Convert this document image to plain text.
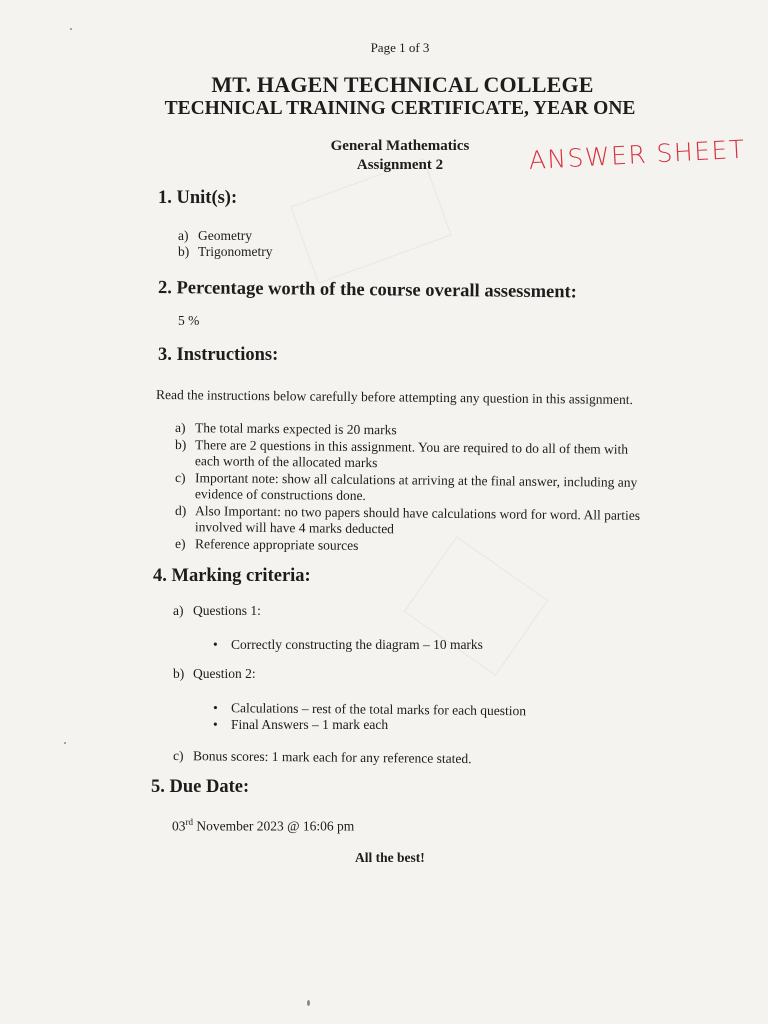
Page 1 of 3
MT. HAGEN TECHNICAL COLLEGE
TECHNICAL TRAINING CERTIFICATE, YEAR ONE
General Mathematics
Assignment 2	ANSWER SHEET
1. Unit(s):
a) Geometry
b) Trigonometry
2. Percentage worth of the course overall assessment:
5 %
3. Instructions:
Read the instructions below carefully before attempting any question in this assignment.
a) The total marks expected is 20 marks
b) There are 2 questions in this assignment. You are required to do all of them with
each worth of the allocated marks
c) Important note: show all calculations at arriving at the final answer, including any
evidence of constructions done.
d) Also Important: no two papers should have calculations word for word. All parties
involved will have 4 marks deducted
e) Reference appropriate sources
4. Marking criteria:
a) Questions 1:
• Correctly constructing the diagram – 10 marks
b) Question 2:
• Calculations – rest of the total marks for each question
• Final Answers – 1 mark each
c) Bonus scores: 1 mark each for any reference stated.
5. Due Date:
03rd November 2023 @ 16:06 pm
All the best!
